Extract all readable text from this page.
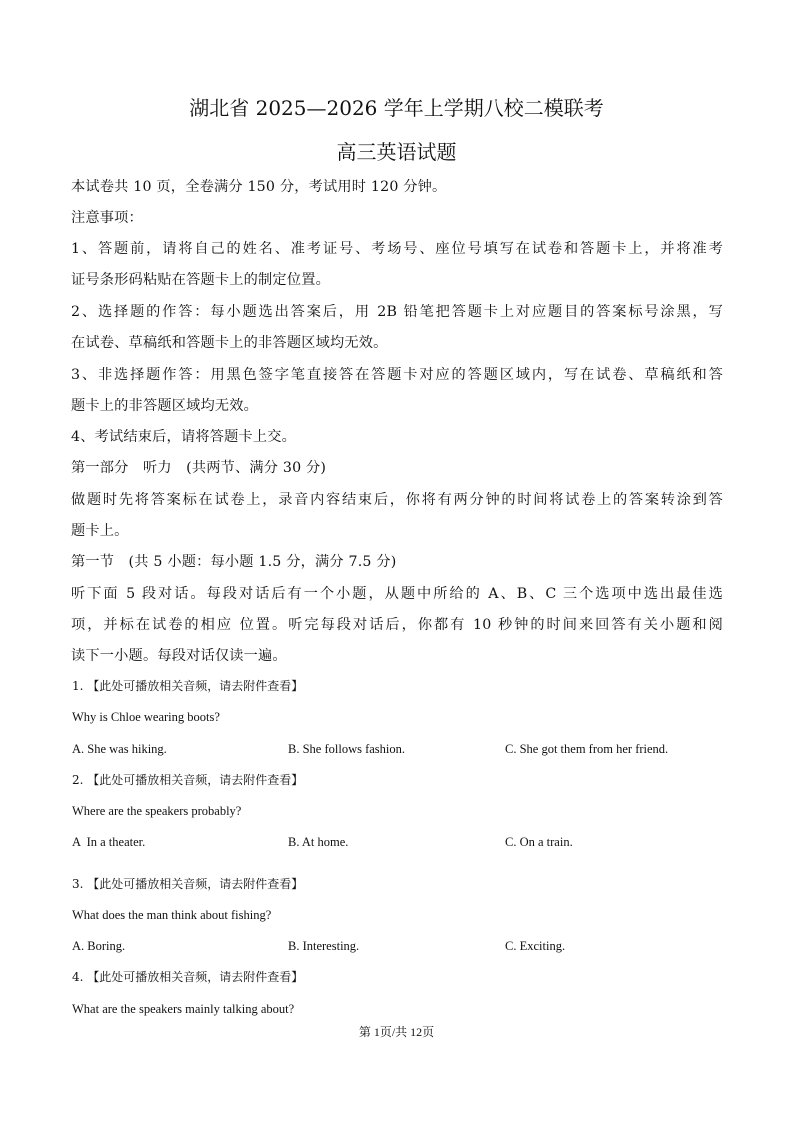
湖北省 2025—2026 学年上学期八校二模联考
高三英语试题
本试卷共 10 页，全卷满分 150 分，考试用时 120 分钟。
注意事项：
1、答题前，请将自己的姓名、准考证号、考场号、座位号填写在试卷和答题卡上，并将准考
证号条形码粘贴在答题卡上的制定位置。
2、选择题的作答：每小题选出答案后，用 2B 铅笔把答题卡上对应题目的答案标号涂黑，写
在试卷、草稿纸和答题卡上的非答题区域均无效。
3、非选择题作答：用黑色签字笔直接答在答题卡对应的答题区域内，写在试卷、草稿纸和答
题卡上的非答题区域均无效。
4、考试结束后，请将答题卡上交。
第一部分　听力　(共两节、满分 30 分)
做题时先将答案标在试卷上，录音内容结束后，你将有两分钟的时间将试卷上的答案转涂到答
题卡上。
第一节　(共 5 小题：每小题 1.5 分，满分 7.5 分)
听下面 5 段对话。每段对话后有一个小题，从题中所给的 A、B、C 三个选项中选出最佳选
项，并标在试卷的相应 位置。听完每段对话后，你都有 10 秒钟的时间来回答有关小题和阅
读下一小题。每段对话仅读一遍。
1. 【此处可播放相关音频，请去附件查看】
Why is Chloe wearing boots?
A. She was hiking.	B. She follows fashion.	C. She got them from her friend.
2. 【此处可播放相关音频，请去附件查看】
Where are the speakers probably?
A  In a theater.	B. At home.	C. On a train.
3. 【此处可播放相关音频，请去附件查看】
What does the man think about fishing?
A. Boring.	B. Interesting.	C. Exciting.
4. 【此处可播放相关音频，请去附件查看】
What are the speakers mainly talking about?
第 1页/共 12页
